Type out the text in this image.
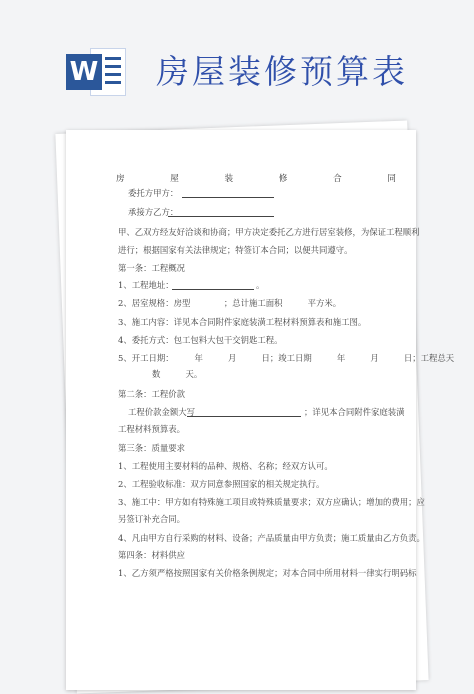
W 房屋装修预算表
房	屋	装	修	合	同
委托方甲方：
承接方乙方：
甲、乙双方经友好洽谈和协商；甲方决定委托乙方进行居室装修，为保证工程顺利
进行；根据国家有关法律规定；特签订本合同；以便共同遵守。
第一条：工程概况
1、工程地址：	。
2、居室规格：房型　　　　；总计施工面积　　　平方米。
3、施工内容：详见本合同附件家庭装潢工程材料预算表和施工图。
4、委托方式：包工包料大包干交钥匙工程。
5、开工日期：　　　年　　　月　　　日；竣工日期　　　年　　　月　　　日；工程总天
数　　　天。
第二条：工程价款
工程价款金额大写	；详见本合同附件家庭装潢
工程材料预算表。
第三条：质量要求
1、工程使用主要材料的品种、规格、名称；经双方认可。
2、工程验收标准：双方同意参照国家的相关规定执行。
3、施工中：甲方如有特殊施工项目或特殊质量要求；双方应确认；增加的费用；应
另签订补充合同。
4、凡由甲方自行采购的材料、设备；产品质量由甲方负责；施工质量由乙方负责。
第四条：材料供应
1、乙方须严格按照国家有关价格条例规定；对本合同中所用材料一律实行明码标
